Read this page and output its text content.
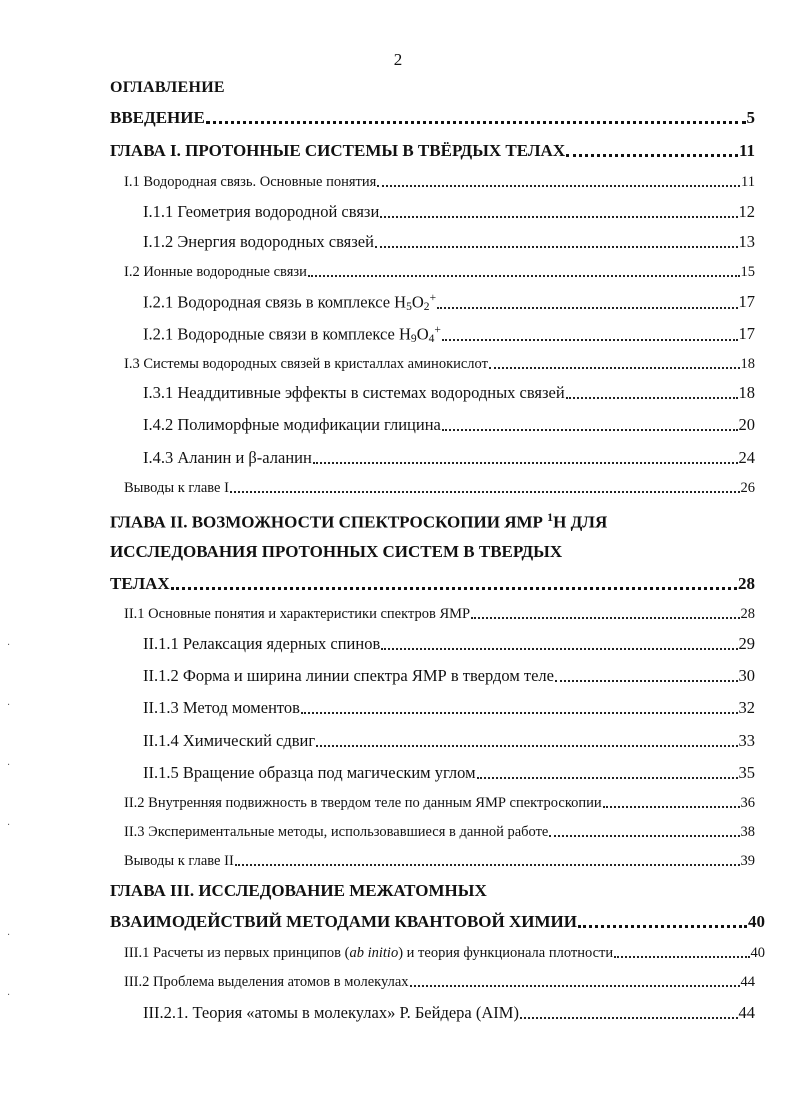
2
ОГЛАВЛЕНИЕ
ВВЕДЕНИЕ	5
ГЛАВА I. ПРОТОННЫЕ СИСТЕМЫ В ТВЁРДЫХ ТЕЛАХ	11
I.1 Водородная связь. Основные понятия	11
I.1.1 Геометрия водородной связи	12
I.1.2 Энергия водородных связей	13
I.2 Ионные водородные связи	15
I.2.1 Водородная связь в комплексе $H_5O_2^+$	17
I.2.1 Водородные связи в комплексе $H_9O_4^+$	17
I.3 Системы водородных связей в кристаллах аминокислот	18
I.3.1 Неаддитивные эффекты в системах водородных связей	18
I.4.2 Полиморфные модификации глицина	20
I.4.3 Аланин и β-аланин	24
Выводы к главе I	26
ГЛАВА II. ВОЗМОЖНОСТИ СПЕКТРОСКОПИИ ЯМР $^1$Н ДЛЯ
ИССЛЕДОВАНИЯ ПРОТОННЫХ СИСТЕМ В ТВЕРДЫХ
ТЕЛАХ	28
II.1 Основные понятия и характеристики спектров ЯМР	28
II.1.1 Релаксация ядерных спинов	29
II.1.2 Форма и ширина линии спектра ЯМР в твердом теле	30
II.1.3 Метод моментов	32
II.1.4 Химический сдвиг	33
II.1.5 Вращение образца под магическим углом	35
II.2 Внутренняя подвижность в твердом теле по данным ЯМР спектроскопии	36
II.3 Экспериментальные методы, использовавшиеся в данной работе	38
Выводы к главе II	39
ГЛАВА III. ИССЛЕДОВАНИЕ МЕЖАТОМНЫХ
ВЗАИМОДЕЙСТВИЙ МЕТОДАМИ КВАНТОВОЙ ХИМИИ	40
III.1 Расчеты из первых принципов (ab initio) и теория функционала плотности	40
III.2 Проблема выделения атомов в молекулах	44
III.2.1. Теория «атомы в молекулах» Р. Бейдера (AIM)	44
·
·
·
·
·
·
